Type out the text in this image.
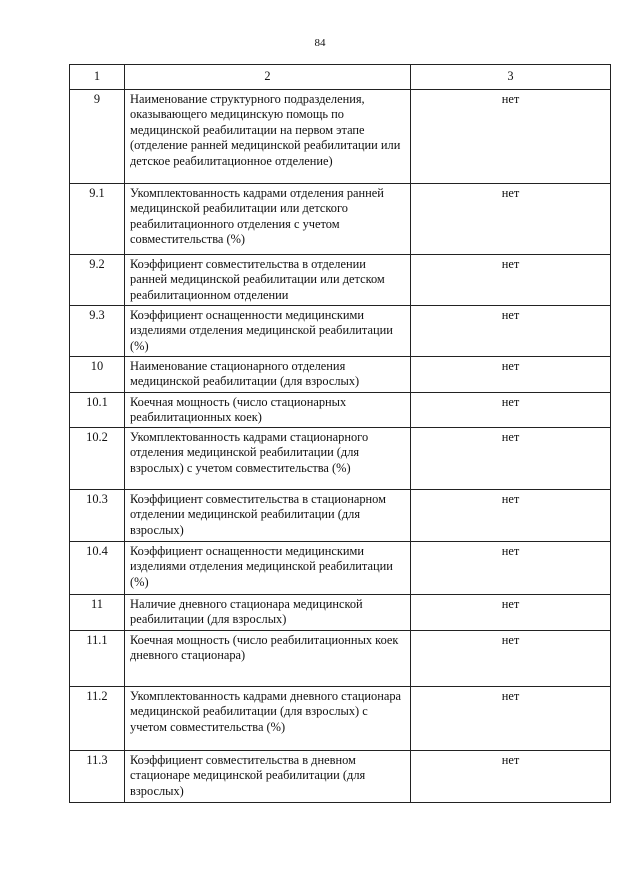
84
1	2	3
9	Наименование структурного подразделения, оказывающего медицинскую помощь по медицинской реабилитации на первом этапе (отделение ранней медицинской реабилитации или детское реабилитационное отделение)	нет
9.1	Укомплектованность кадрами отделения ранней медицинской реабилитации или детского реабилитационного отделения с учетом совместительства (%)	нет
9.2	Коэффициент совместительства в отделении ранней медицинской реабилитации или детском реабилитационном отделении	нет
9.3	Коэффициент оснащенности медицинскими изделиями отделения медицинской реабилитации (%)	нет
10	Наименование стационарного отделения медицинской реабилитации (для взрослых)	нет
10.1	Коечная мощность (число стационарных реабилитационных коек)	нет
10.2	Укомплектованность кадрами стационарного отделения медицинской реабилитации (для взрослых) с учетом совместительства (%)	нет
10.3	Коэффициент совместительства в стационарном отделении медицинской реабилитации (для взрослых)	нет
10.4	Коэффициент оснащенности медицинскими изделиями отделения медицинской реабилитации (%)	нет
11	Наличие дневного стационара медицинской реабилитации (для взрослых)	нет
11.1	Коечная мощность (число реабилитационных коек дневного стационара)	нет
11.2	Укомплектованность кадрами дневного стационара медицинской реабилитации (для взрослых) с учетом совместительства (%)	нет
11.3	Коэффициент совместительства в дневном стационаре медицинской реабилитации (для взрослых)	нет
